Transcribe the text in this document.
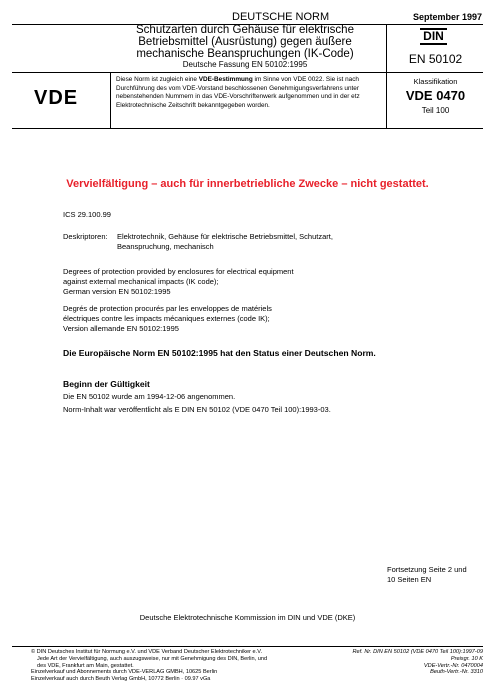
DEUTSCHE NORM	September 1997
Schutzarten durch Gehäuse für elektrische
Betriebsmittel (Ausrüstung) gegen äußere
mechanische Beanspruchungen (IK-Code)
Deutsche Fassung EN 50102:1995
DIN
EN 50102
VDE
Diese Norm ist zugleich eine VDE-Bestimmung im Sinne von VDE 0022. Sie ist nach Durchführung des vom VDE-Vorstand beschlossenen Genehmigungsverfahrens unter nebenstehenden Nummern in das VDE-Vorschriftenwerk aufgenommen und in der etz Elektrotechnische Zeitschrift bekanntgegeben worden.
Klassifikation
VDE 0470
Teil 100
Vervielfältigung – auch für innerbetriebliche Zwecke – nicht gestattet.
ICS 29.100.99
Deskriptoren: Elektrotechnik, Gehäuse für elektrische Betriebsmittel, Schutzart,
Beanspruchung, mechanisch
Degrees of protection provided by enclosures for electrical equipment
against external mechanical impacts (IK code);
German version EN 50102:1995
Degrés de protection procurés par les enveloppes de matériels
électriques contre les impacts mécaniques externes (code IK);
Version allemande EN 50102:1995
Die Europäische Norm EN 50102:1995 hat den Status einer Deutschen Norm.
Beginn der Gültigkeit
Die EN 50102 wurde am 1994-12-06 angenommen.
Norm-Inhalt war veröffentlicht als E DIN EN 50102 (VDE 0470 Teil 100):1993-03.
Fortsetzung Seite 2 und
10 Seiten EN
Deutsche Elektrotechnische Kommission im DIN und VDE (DKE)
© DIN Deutsches Institut für Normung e.V. und VDE Verband Deutscher Elektrotechniker e.V.
Jede Art der Vervielfältigung, auch auszugsweise, nur mit Genehmigung des DIN, Berlin, und
des VDE, Frankfurt am Main, gestattet.
Einzelverkauf und Abonnements durch VDE-VERLAG GMBH, 10625 Berlin
Einzelverkauf auch durch Beuth Verlag GmbH, 10772 Berlin · 09.97 vGa
Ref. Nr. DIN EN 50102 (VDE 0470 Teil 100):1997-09
Preisgr. 10 K
VDE-Vertr.-Nr. 0470004
Beuth-Vertr.-Nr. 3310
